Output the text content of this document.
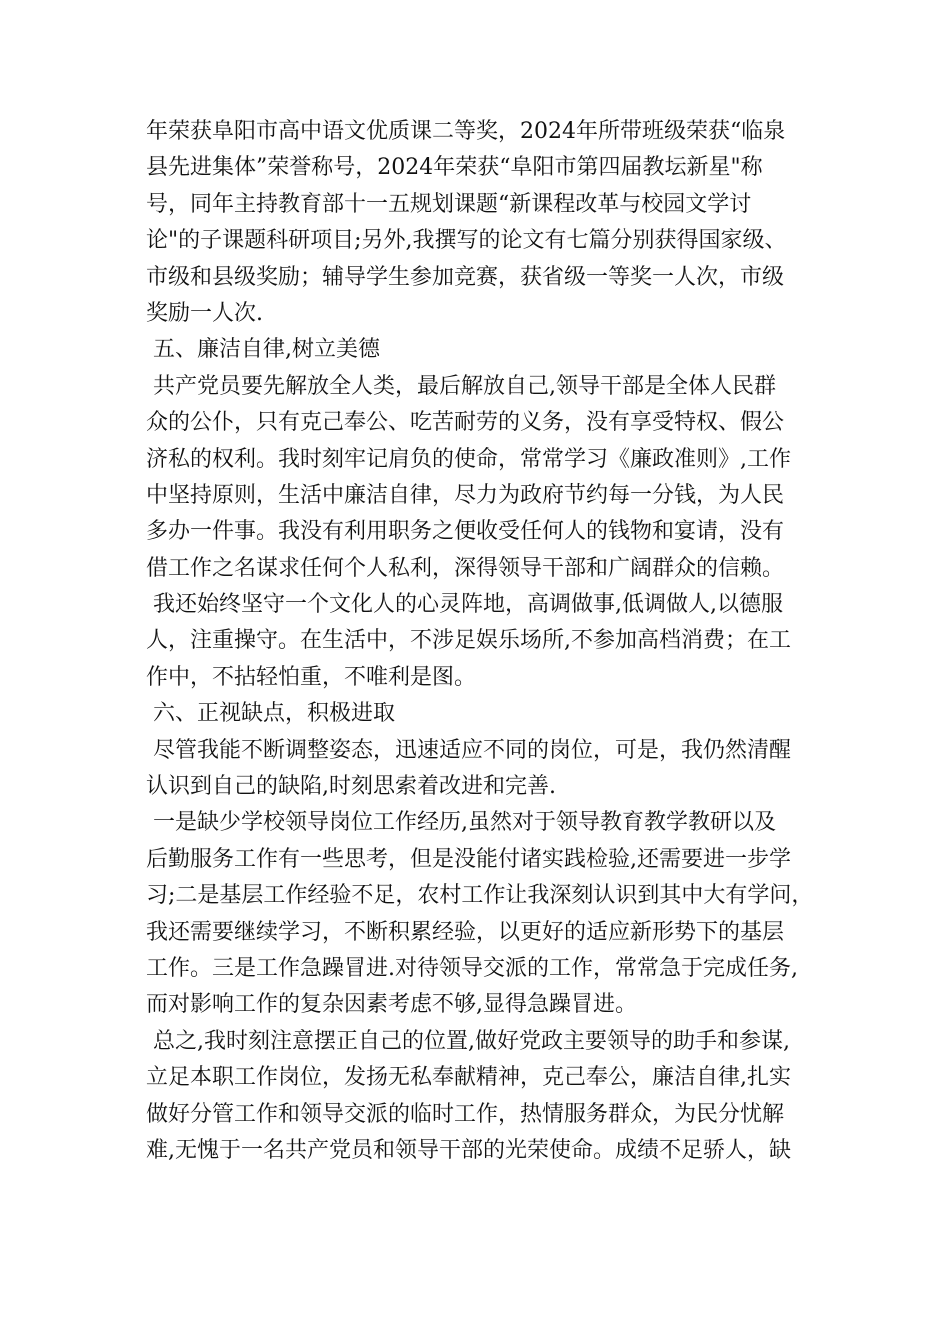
年荣获阜阳市高中语文优质课二等奖，2024年所带班级荣获“临泉
县先进集体”荣誉称号，2024年荣获“阜阳市第四届教坛新星"称
号，同年主持教育部十一五规划课题“新课程改革与校园文学讨
论"的子课题科研项目;另外,我撰写的论文有七篇分别获得国家级、
市级和县级奖励；辅导学生参加竞赛，获省级一等奖一人次，市级
奖励一人次.
五、廉洁自律,树立美德
共产党员要先解放全人类，最后解放自己,领导干部是全体人民群
众的公仆，只有克己奉公、吃苦耐劳的义务，没有享受特权、假公
济私的权利。我时刻牢记肩负的使命，常常学习《廉政准则》,工作
中坚持原则，生活中廉洁自律，尽力为政府节约每一分钱，为人民
多办一件事。我没有利用职务之便收受任何人的钱物和宴请，没有
借工作之名谋求任何个人私利，深得领导干部和广阔群众的信赖。
我还始终坚守一个文化人的心灵阵地，高调做事,低调做人,以德服
人，注重操守。在生活中，不涉足娱乐场所,不参加高档消费；在工
作中，不拈轻怕重，不唯利是图。
六、正视缺点，积极进取
尽管我能不断调整姿态，迅速适应不同的岗位，可是，我仍然清醒
认识到自己的缺陷,时刻思索着改进和完善.
一是缺少学校领导岗位工作经历,虽然对于领导教育教学教研以及
后勤服务工作有一些思考，但是没能付诸实践检验,还需要进一步学
习;二是基层工作经验不足，农村工作让我深刻认识到其中大有学问，
我还需要继续学习，不断积累经验，以更好的适应新形势下的基层
工作。三是工作急躁冒进.对待领导交派的工作，常常急于完成任务,
而对影响工作的复杂因素考虑不够,显得急躁冒进。
总之,我时刻注意摆正自己的位置,做好党政主要领导的助手和参谋,
立足本职工作岗位，发扬无私奉献精神，克己奉公，廉洁自律,扎实
做好分管工作和领导交派的临时工作，热情服务群众，为民分忧解
难,无愧于一名共产党员和领导干部的光荣使命。成绩不足骄人，缺
